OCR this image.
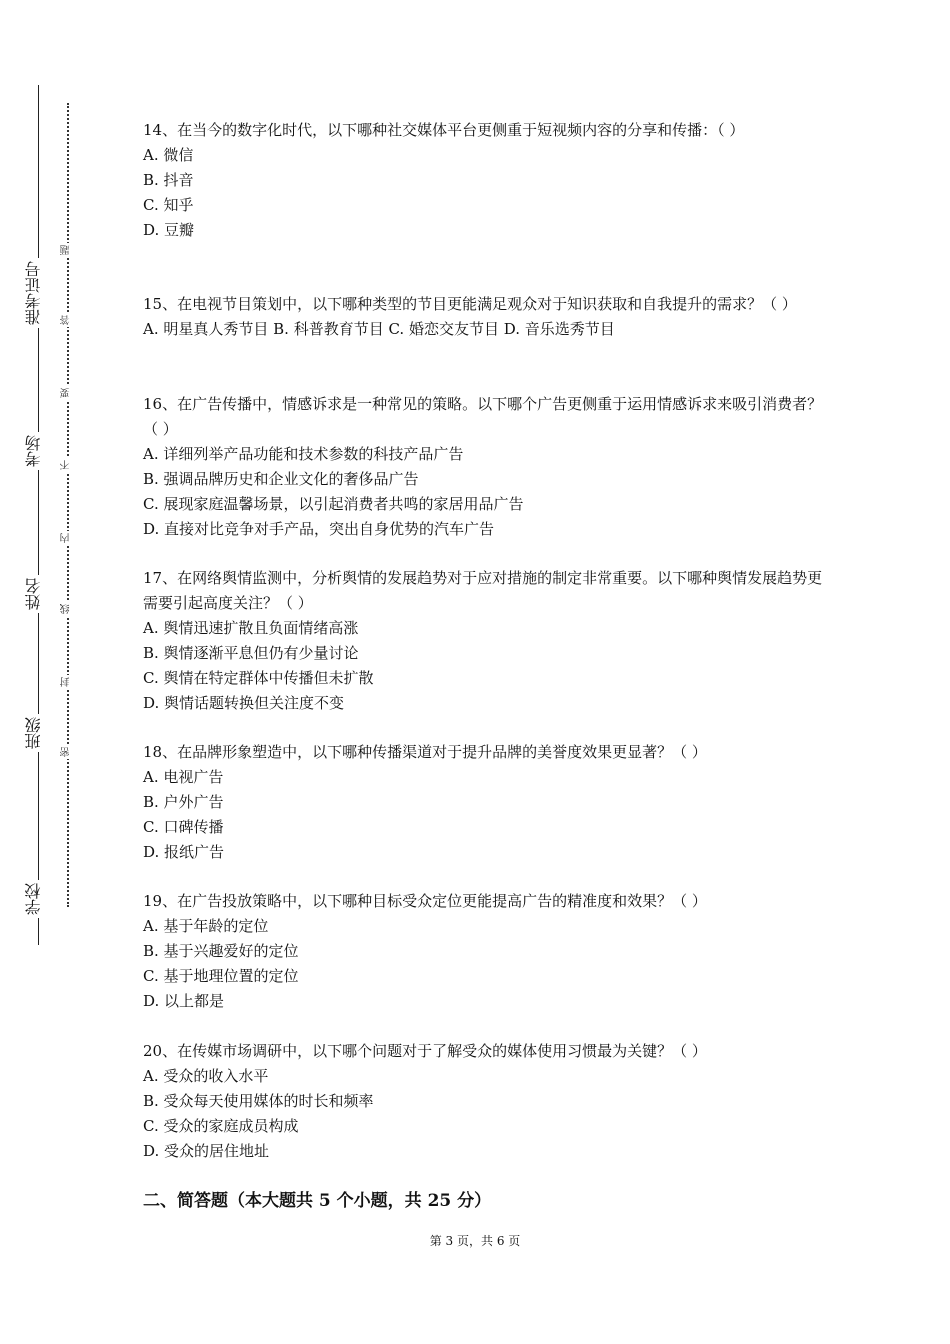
学校
班级
姓名
考场
准考证号
题
答
要
不
内
线
封
密

14、在当今的数字化时代，以下哪种社交媒体平台更侧重于短视频内容的分享和传播：（ ）

A. 微信

B. 抖音

C. 知乎

D. 豆瓣

15、在电视节目策划中，以下哪种类型的节目更能满足观众对于知识获取和自我提升的需求？（ ）

A. 明星真人秀节目 B. 科普教育节目 C. 婚恋交友节目 D. 音乐选秀节目

16、在广告传播中，情感诉求是一种常见的策略。以下哪个广告更侧重于运用情感诉求来吸引消费者？（ ）

A. 详细列举产品功能和技术参数的科技产品广告

B. 强调品牌历史和企业文化的奢侈品广告

C. 展现家庭温馨场景，以引起消费者共鸣的家居用品广告

D. 直接对比竞争对手产品，突出自身优势的汽车广告

17、在网络舆情监测中，分析舆情的发展趋势对于应对措施的制定非常重要。以下哪种舆情发展趋势更需要引起高度关注？（ ）

A. 舆情迅速扩散且负面情绪高涨

B. 舆情逐渐平息但仍有少量讨论

C. 舆情在特定群体中传播但未扩散

D. 舆情话题转换但关注度不变

18、在品牌形象塑造中，以下哪种传播渠道对于提升品牌的美誉度效果更显著？（ ）

A. 电视广告

B. 户外广告

C. 口碑传播

D. 报纸广告

19、在广告投放策略中，以下哪种目标受众定位更能提高广告的精准度和效果？（ ）

A. 基于年龄的定位

B. 基于兴趣爱好的定位

C. 基于地理位置的定位

D. 以上都是

20、在传媒市场调研中，以下哪个问题对于了解受众的媒体使用习惯最为关键？（ ）

A. 受众的收入水平

B. 受众每天使用媒体的时长和频率

C. 受众的家庭成员构成

D. 受众的居住地址

二、简答题（本大题共 5 个小题，共 25 分）
第 3 页，共 6 页
